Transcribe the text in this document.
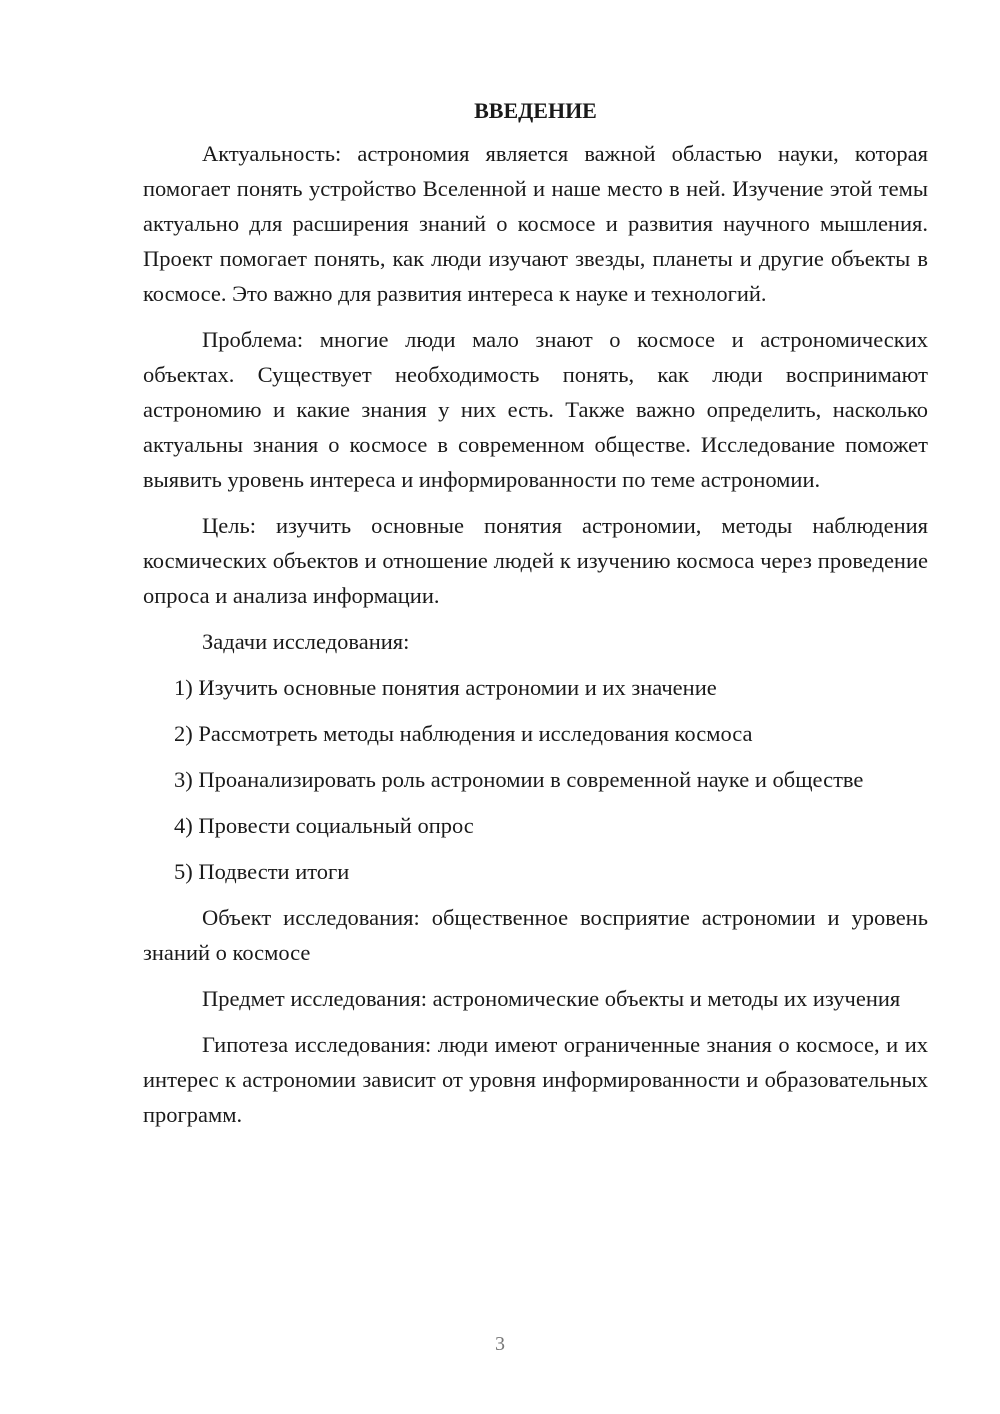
ВВЕДЕНИЕ

Актуальность: астрономия является важной областью науки, которая помогает понять устройство Вселенной и наше место в ней. Изучение этой темы актуально для расширения знаний о космосе и развития научного мышления. Проект помогает понять, как люди изучают звезды, планеты и другие объекты в космосе. Это важно для развития интереса к науке и технологий.

Проблема: многие люди мало знают о космосе и астрономических объектах. Существует необходимость понять, как люди воспринимают астрономию и какие знания у них есть. Также важно определить, насколько актуальны знания о космосе в современном обществе. Исследование поможет выявить уровень интереса и информированности по теме астрономии.

Цель: изучить основные понятия астрономии, методы наблюдения космических объектов и отношение людей к изучению космоса через проведение опроса и анализа информации.

Задачи исследования:

1) Изучить основные понятия астрономии и их значение

2) Рассмотреть методы наблюдения и исследования космоса

3) Проанализировать роль астрономии в современной науке и обществе

4) Провести социальный опрос

5) Подвести итоги

Объект исследования: общественное восприятие астрономии и уровень знаний о космосе

Предмет исследования: астрономические объекты и методы их изучения

Гипотеза исследования: люди имеют ограниченные знания о космосе, и их интерес к астрономии зависит от уровня информированности и образовательных программ.

3
